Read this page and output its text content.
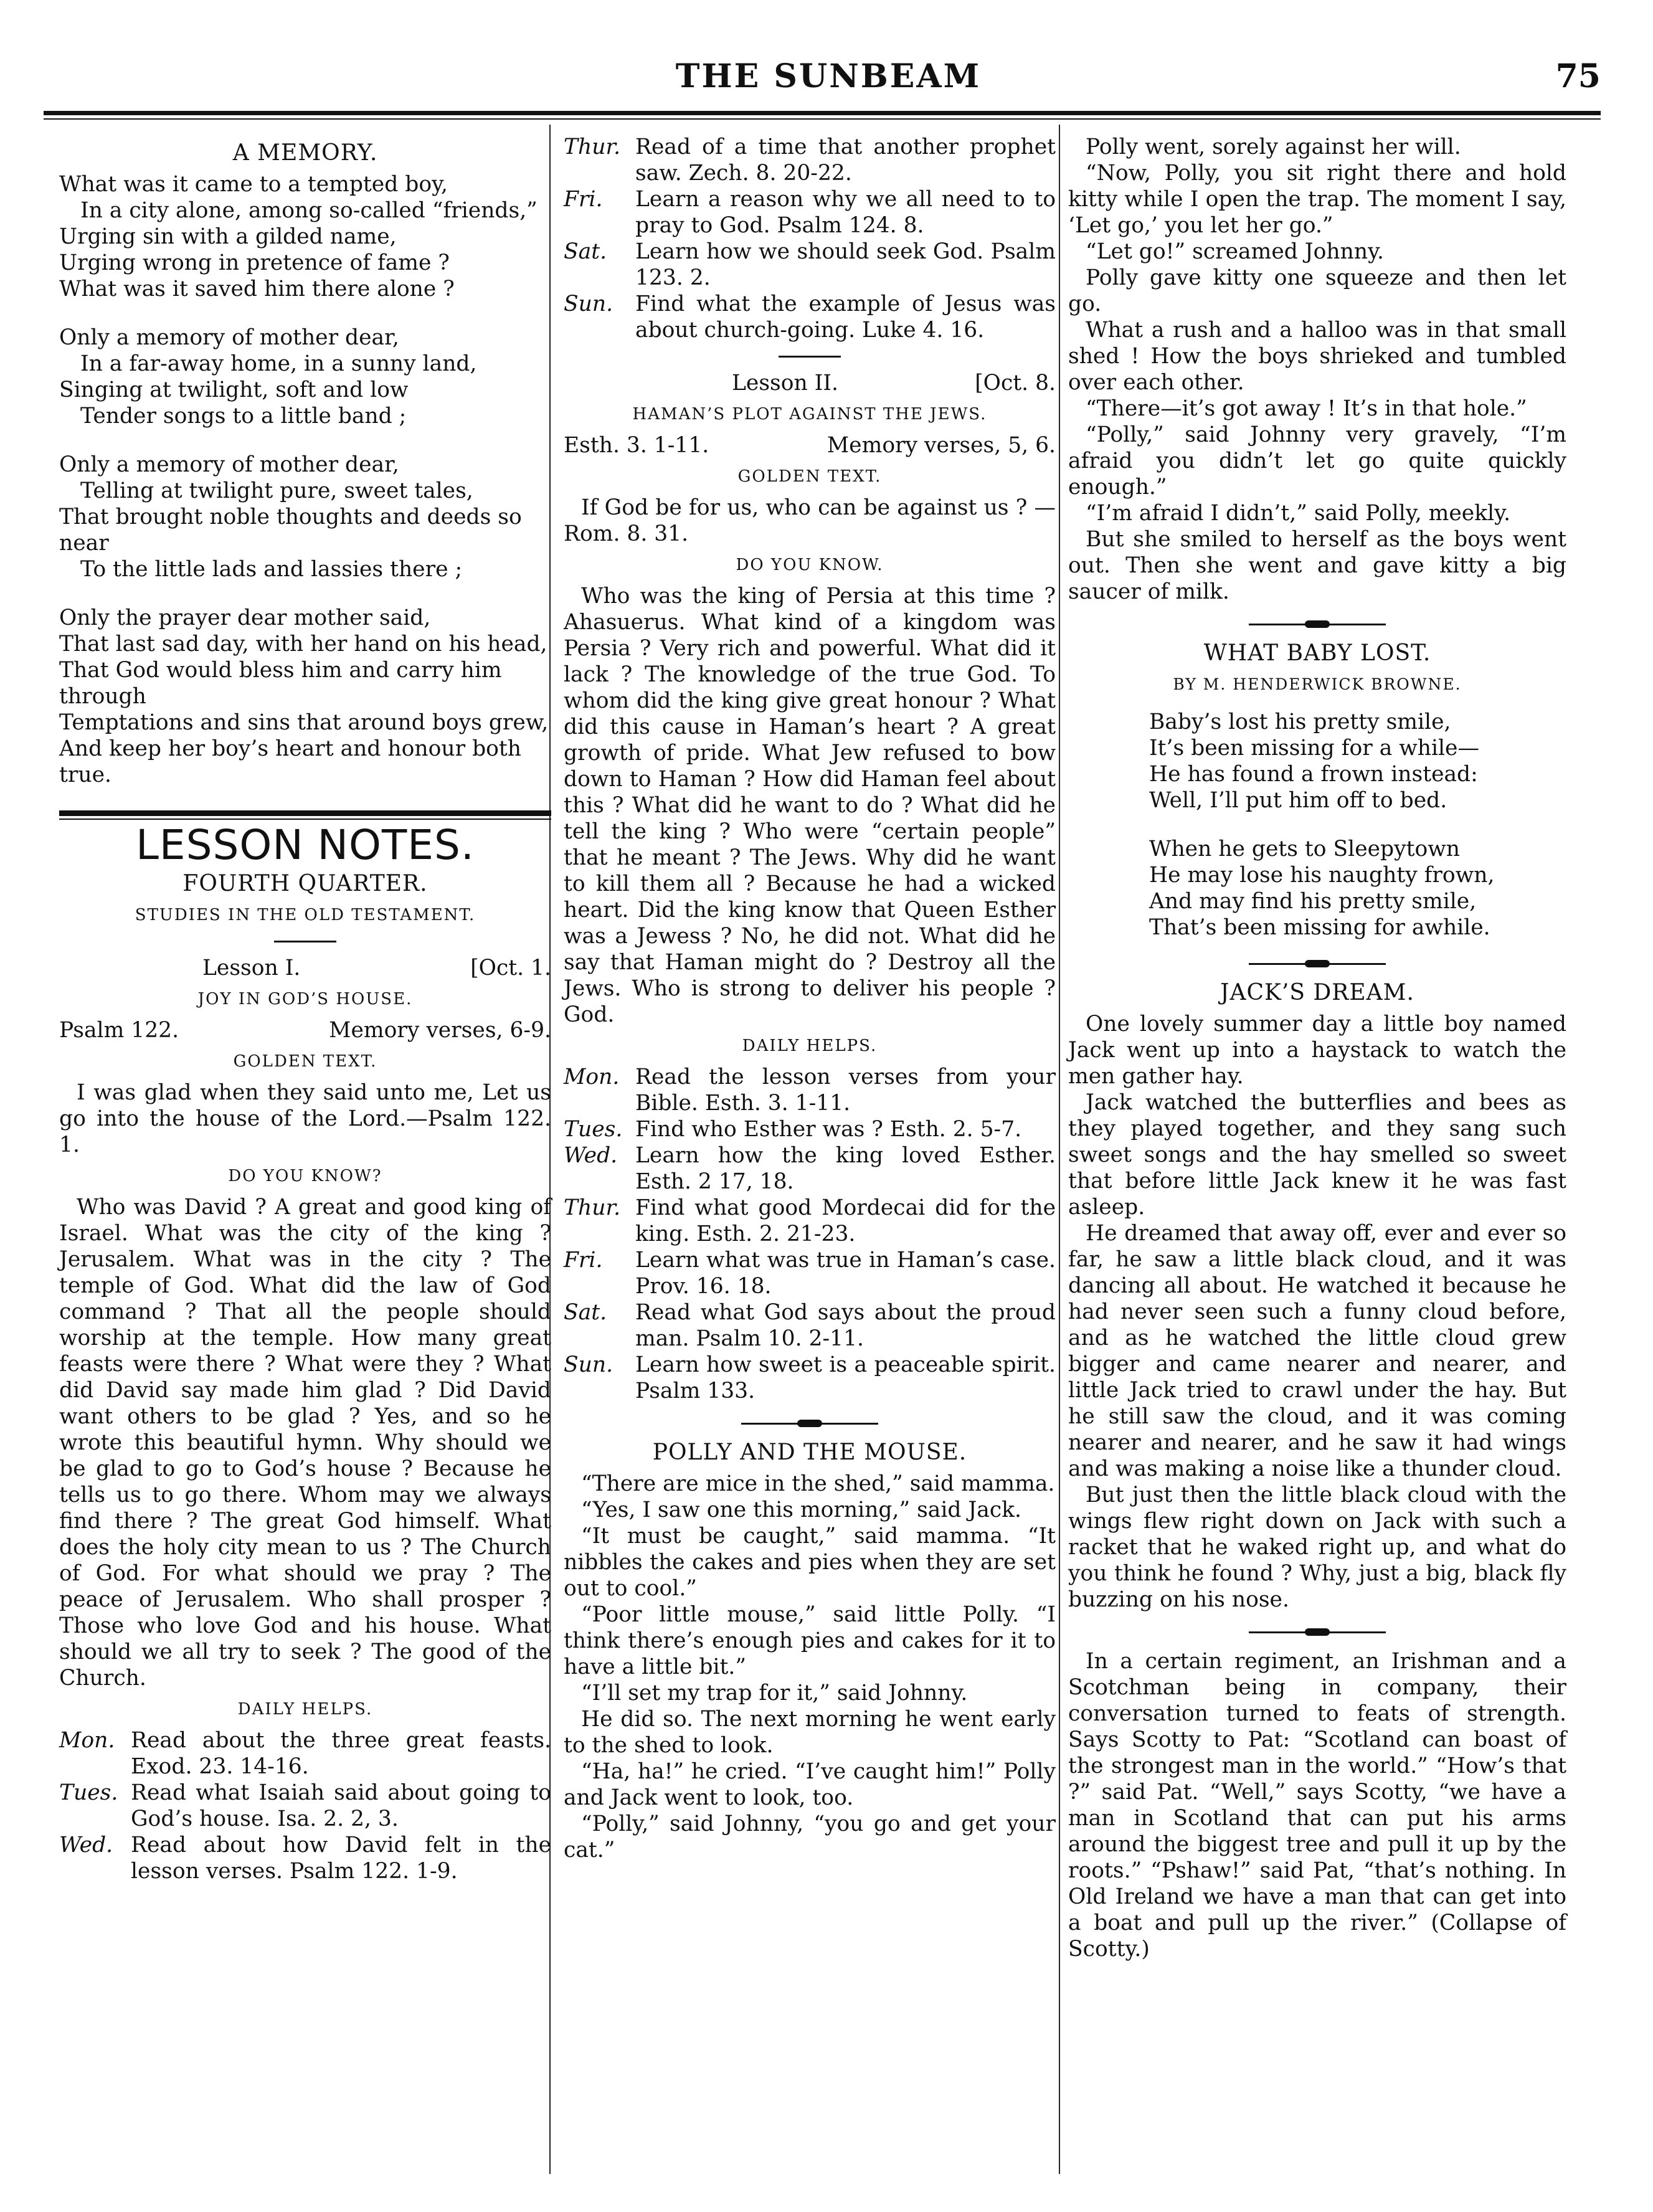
THE SUNBEAM	75
A MEMORY.

What was it came to a tempted boy,

In a city alone, among so-called “friends,”

Urging sin with a gilded name,

Urging wrong in pretence of fame ?

What was it saved him there alone ?

Only a memory of mother dear,

In a far-away home, in a sunny land,

Singing at twilight, soft and low

Tender songs to a little band ;

Only a memory of mother dear,

Telling at twilight pure, sweet tales,

That brought noble thoughts and deeds so near

To the little lads and lassies there ;

Only the prayer dear mother said,

That last sad day, with her hand on his head,

That God would bless him and carry him through

Temptations and sins that around boys grew,

And keep her boy’s heart and honour both true.

LESSON NOTES.
FOURTH QUARTER.
STUDIES IN THE OLD TESTAMENT.
Lesson I.	[Oct. 1.
JOY IN GOD’S HOUSE.
Psalm 122.	Memory verses, 6-9.
GOLDEN TEXT.

I was glad when they said unto me, Let us go into the house of the Lord.—Psalm 122. 1.

DO YOU KNOW?

Who was David ? A great and good king of Israel. What was the city of the king ? Jerusalem. What was in the city ? The temple of God. What did the law of God command ? That all the people should worship at the temple. How many great feasts were there ? What were they ? What did David say made him glad ? Did David want others to be glad ? Yes, and so he wrote this beautiful hymn. Why should we be glad to go to God’s house ? Because he tells us to go there. Whom may we always find there ? The great God himself. What does the holy city mean to us ? The Church of God. For what should we pray ? The peace of Jerusalem. Who shall prosper ? Those who love God and his house. What should we all try to seek ? The good of the Church.

DAILY HELPS.
Mon. Read about the three great feasts. Exod. 23. 14-16.
Tues. Read what Isaiah said about going to God’s house. Isa. 2. 2, 3.
Wed. Read about how David felt in the lesson verses. Psalm 122. 1-9.
Thur. Read of a time that another prophet saw. Zech. 8. 20-22.
Fri.	Learn a reason why we all need to to pray to God. Psalm 124. 8.
Sat.	Learn how we should seek God. Psalm 123. 2.
Sun.	Find what the example of Jesus was about church-going. Luke 4. 16.
Lesson II.	[Oct. 8.
HAMAN’S PLOT AGAINST THE JEWS.
Esth. 3. 1-11.	Memory verses, 5, 6.
GOLDEN TEXT.

If God be for us, who can be against us ? —Rom. 8. 31.

DO YOU KNOW.

Who was the king of Persia at this time ? Ahasuerus. What kind of a kingdom was Persia ? Very rich and powerful. What did it lack ? The knowledge of the true God. To whom did the king give great honour ? What did this cause in Haman’s heart ? A great growth of pride. What Jew refused to bow down to Haman ? How did Haman feel about this ? What did he want to do ? What did he tell the king ? Who were “certain people” that he meant ? The Jews. Why did he want to kill them all ? Because he had a wicked heart. Did the king know that Queen Esther was a Jewess ? No, he did not. What did he say that Haman might do ? Destroy all the Jews. Who is strong to deliver his people ? God.

DAILY HELPS.
Mon. Read the lesson verses from your Bible. Esth. 3. 1-11.
Tues. Find who Esther was ? Esth. 2. 5-7.
Wed. Learn how the king loved Esther. Esth. 2 17, 18.
Thur. Find what good Mordecai did for the king. Esth. 2. 21-23.
Fri.	Learn what was true in Haman’s case. Prov. 16. 18.
Sat.	Read what God says about the proud man. Psalm 10. 2-11.
Sun.	Learn how sweet is a peaceable spirit. Psalm 133.
POLLY AND THE MOUSE.

“There are mice in the shed,” said mamma.

“Yes, I saw one this morning,” said Jack.

“It must be caught,” said mamma. “It nibbles the cakes and pies when they are set out to cool.”

“Poor little mouse,” said little Polly. “I think there’s enough pies and cakes for it to have a little bit.”

“I’ll set my trap for it,” said Johnny.

He did so. The next morning he went early to the shed to look.

“Ha, ha!” he cried. “I’ve caught him!” Polly and Jack went to look, too.

“Polly,” said Johnny, “you go and get your cat.”

Polly went, sorely against her will.

“Now, Polly, you sit right there and hold kitty while I open the trap. The moment I say, ‘Let go,’ you let her go.”

“Let go!” screamed Johnny.

Polly gave kitty one squeeze and then let go.

What a rush and a halloo was in that small shed ! How the boys shrieked and tumbled over each other.

“There—it’s got away ! It’s in that hole.”

“Polly,” said Johnny very gravely, “I’m afraid you didn’t let go quite quickly enough.”

“I’m afraid I didn’t,” said Polly, meekly.

But she smiled to herself as the boys went out. Then she went and gave kitty a big saucer of milk.

WHAT BABY LOST.
BY M. HENDERWICK BROWNE.

Baby’s lost his pretty smile,

It’s been missing for a while—

He has found a frown instead:

Well, I’ll put him off to bed.

When he gets to Sleepytown

He may lose his naughty frown,

And may find his pretty smile,

That’s been missing for awhile.

JACK’S DREAM.

One lovely summer day a little boy named Jack went up into a haystack to watch the men gather hay.

Jack watched the butterflies and bees as they played together, and they sang such sweet songs and the hay smelled so sweet that before little Jack knew it he was fast asleep.

He dreamed that away off, ever and ever so far, he saw a little black cloud, and it was dancing all about. He watched it because he had never seen such a funny cloud before, and as he watched the little cloud grew bigger and came nearer and nearer, and little Jack tried to crawl under the hay. But he still saw the cloud, and it was coming nearer and nearer, and he saw it had wings and was making a noise like a thunder cloud.

But just then the little black cloud with the wings flew right down on Jack with such a racket that he waked right up, and what do you think he found ? Why, just a big, black fly buzzing on his nose.

In a certain regiment, an Irishman and a Scotchman being in company, their conversation turned to feats of strength. Says Scotty to Pat: “Scotland can boast of the strongest man in the world.” “How’s that ?” said Pat. “Well,” says Scotty, “we have a man in Scotland that can put his arms around the biggest tree and pull it up by the roots.” “Pshaw!” said Pat, “that’s nothing. In Old Ireland we have a man that can get into a boat and pull up the river.” (Collapse of Scotty.)
